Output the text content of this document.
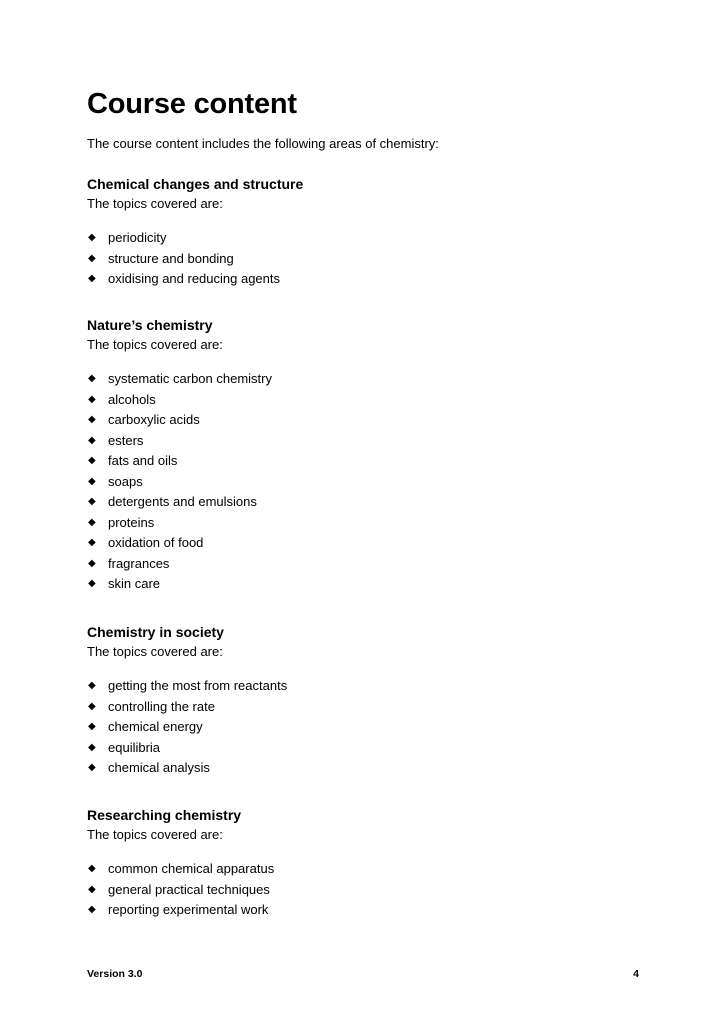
Course content

The course content includes the following areas of chemistry:

Chemical changes and structure

The topics covered are:

◆ periodicity
◆ structure and bonding
◆ oxidising and reducing agents
Nature’s chemistry

The topics covered are:

◆ systematic carbon chemistry
◆ alcohols
◆ carboxylic acids
◆ esters
◆ fats and oils
◆ soaps
◆ detergents and emulsions
◆ proteins
◆ oxidation of food
◆ fragrances
◆ skin care
Chemistry in society

The topics covered are:

◆ getting the most from reactants
◆ controlling the rate
◆ chemical energy
◆ equilibria
◆ chemical analysis
Researching chemistry

The topics covered are:

◆ common chemical apparatus
◆ general practical techniques
◆ reporting experimental work

Version 3.0	4
